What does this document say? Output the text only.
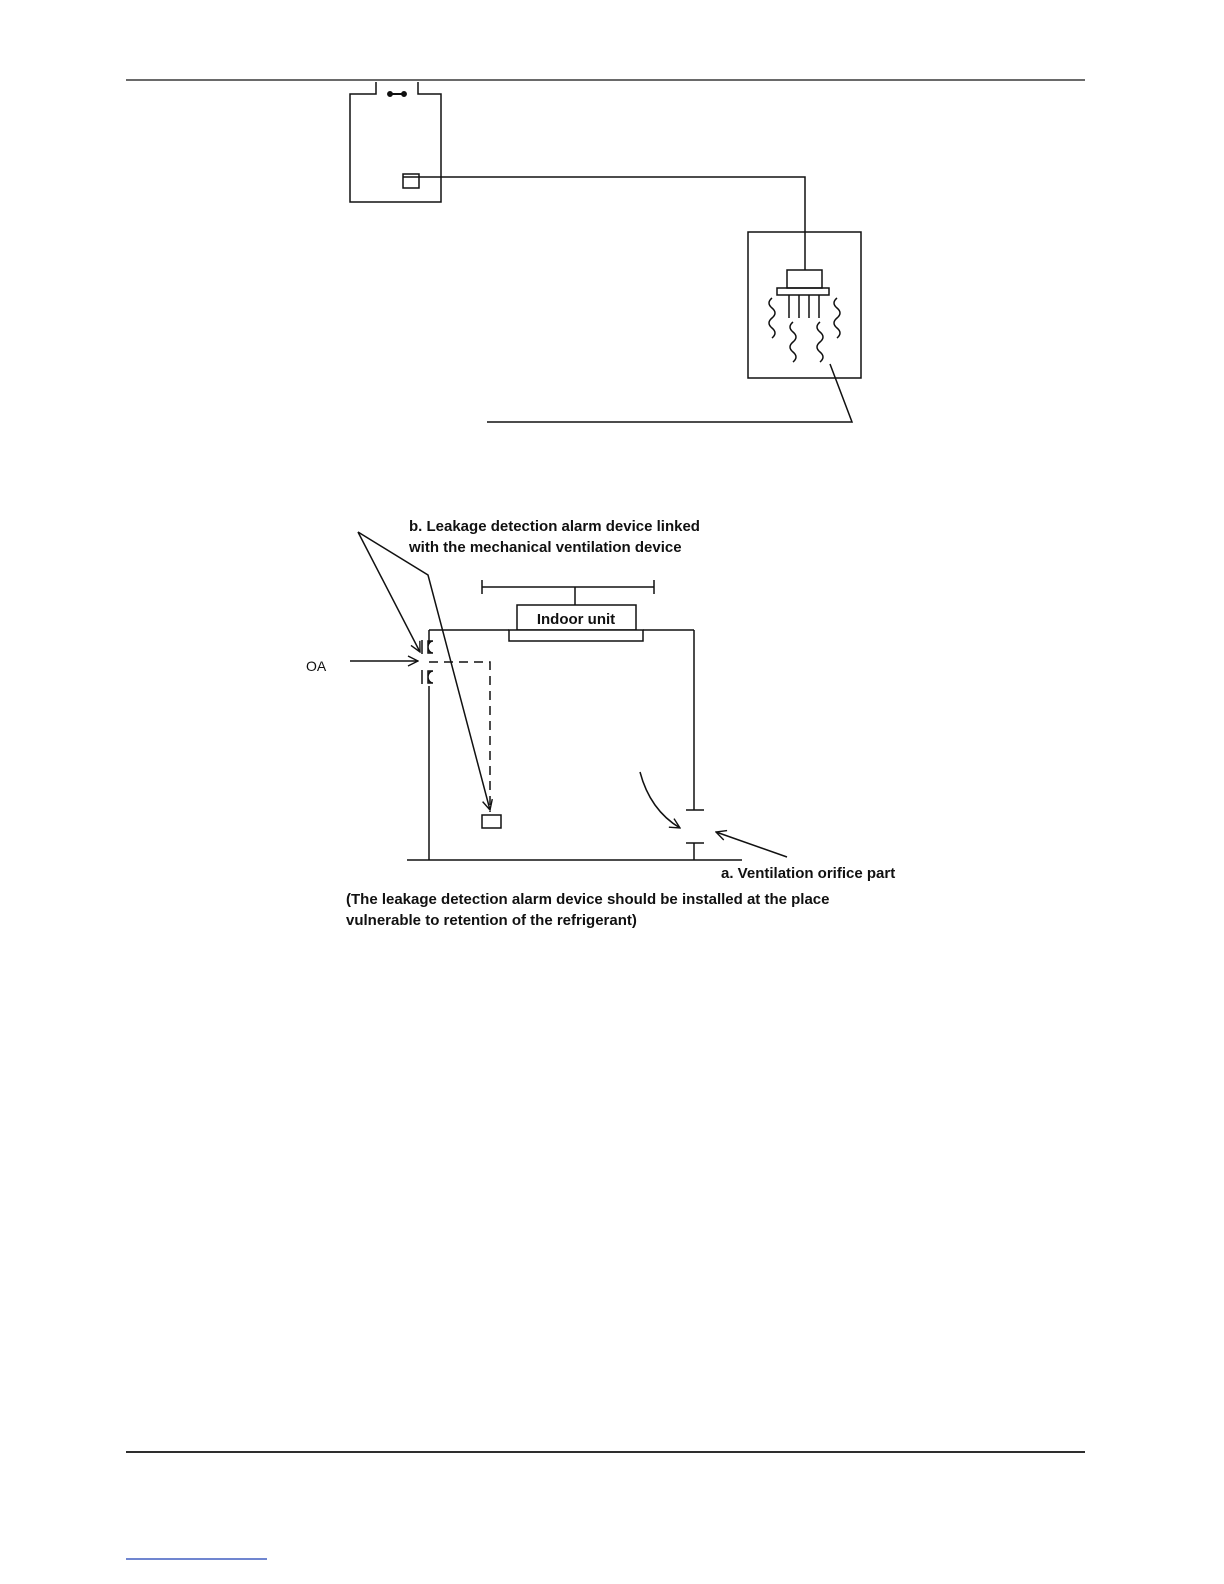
b. Leakage detection alarm device linked
with the mechanical ventilation device
Indoor unit
OA
a. Ventilation orifice part
(The leakage detection alarm device should be installed at the place
vulnerable to retention of the refrigerant)
